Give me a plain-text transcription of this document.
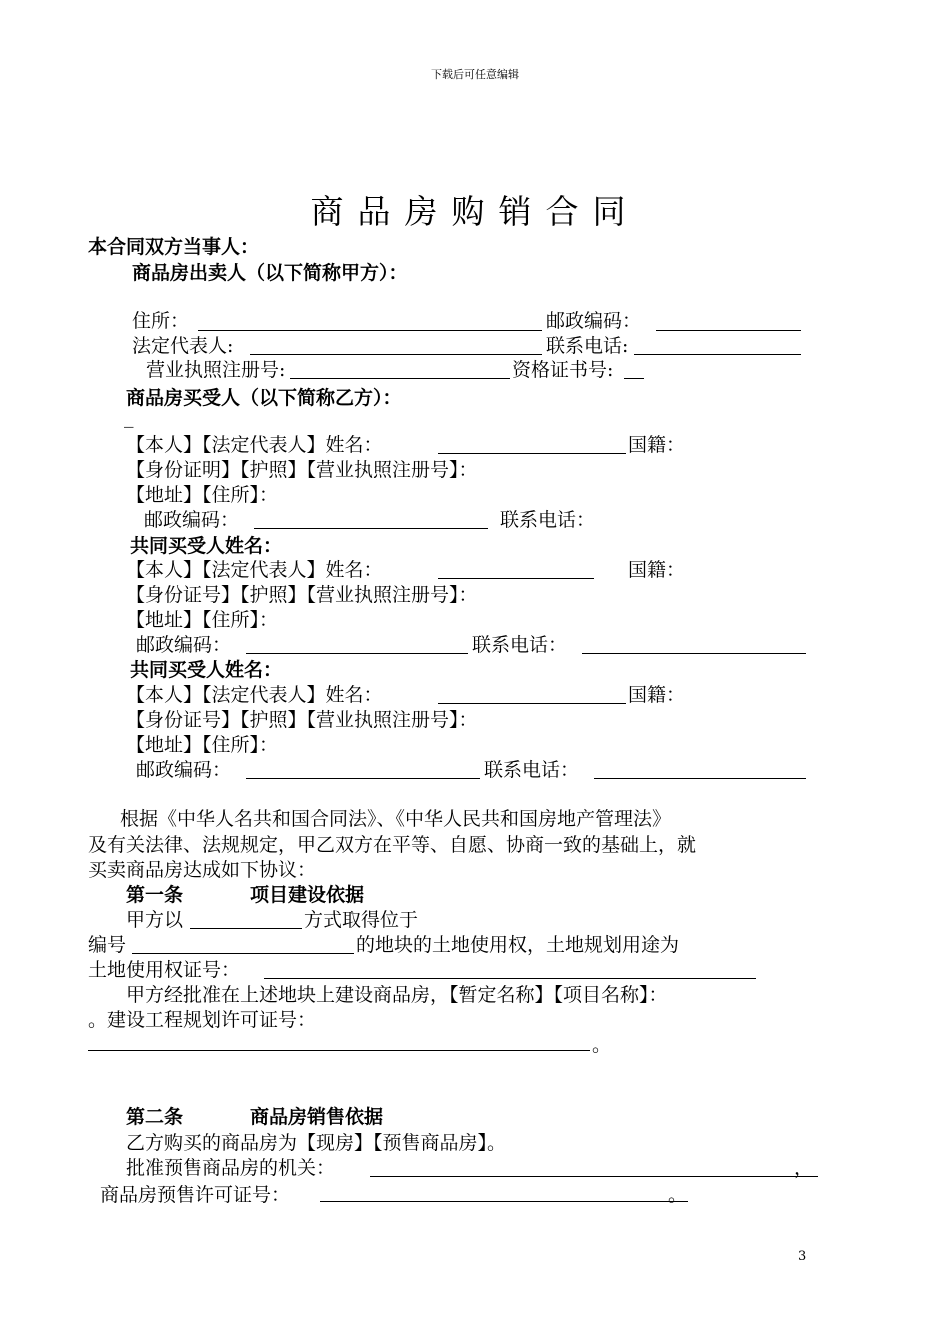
下载后可任意编辑
商品房购销合同
本合同双方当事人：
商品房出卖人（以下简称甲方）：
住所：	邮政编码：
法定代表人:	联系电话:
营业执照注册号:	资格证书号:
商品房买受人（以下简称乙方）：
_
【本人】【法定代表人】姓名：	国籍：
【身份证明】【护照】【营业执照注册号】：
【地址】【住所】：
邮政编码：	联系电话：
共同买受人姓名：
【本人】【法定代表人】姓名：	国籍：
【身份证号】【护照】【营业执照注册号】：
【地址】【住所】：
邮政编码：	联系电话：
共同买受人姓名：
【本人】【法定代表人】姓名：	国籍：
【身份证号】【护照】【营业执照注册号】：
【地址】【住所】：
邮政编码：	联系电话：
根据《中华人名共和国合同法》、《中华人民共和国房地产管理法》
及有关法律、法规规定，甲乙双方在平等、自愿、协商一致的基础上，就
买卖商品房达成如下协议：
第一条	项目建设依据
甲方以	方式取得位于
编号	的地块的土地使用权，土地规划用途为
土地使用权证号：
甲方经批准在上述地块上建设商品房，【暂定名称】【项目名称】：
。建设工程规划许可证号：
。
第二条	商品房销售依据
乙方购买的商品房为【现房】【预售商品房】。
批准预售商品房的机关：	，
商品房预售许可证号：	。
3
